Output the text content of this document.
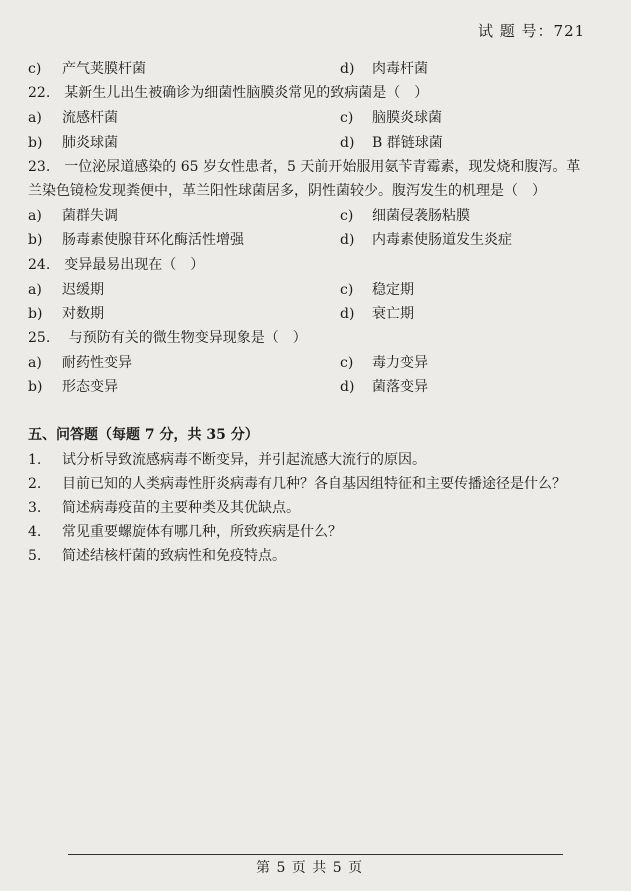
试 题 号：721
c) 产气荚膜杆菌	d) 肉毒杆菌
22.　某新生儿出生被确诊为细菌性脑膜炎常见的致病菌是（　）
a) 流感杆菌	c) 脑膜炎球菌
b) 肺炎球菌	d) B 群链球菌
23.　一位泌尿道感染的 65 岁女性患者，5 天前开始服用氨苄青霉素，现发烧和腹泻。革
兰染色镜检发现粪便中，革兰阳性球菌居多，阴性菌较少。腹泻发生的机理是（　）
a) 菌群失调	c) 细菌侵袭肠粘膜
b) 肠毒素使腺苷环化酶活性增强	d) 内毒素使肠道发生炎症
24.　变异最易出现在（　）
a) 迟缓期	c) 稳定期
b) 对数期	d) 衰亡期
25.　 与预防有关的微生物变异现象是（　）
a) 耐药性变异	c) 毒力变异
b) 形态变异	d) 菌落变异
五、问答题（每题 7 分，共 35 分）
1. 试分析导致流感病毒不断变异，并引起流感大流行的原因。
2. 目前已知的人类病毒性肝炎病毒有几种？各自基因组特征和主要传播途径是什么？
3. 简述病毒疫苗的主要种类及其优缺点。
4. 常见重要螺旋体有哪几种，所致疾病是什么？
5. 简述结核杆菌的致病性和免疫特点。
第 5 页 共 5 页
